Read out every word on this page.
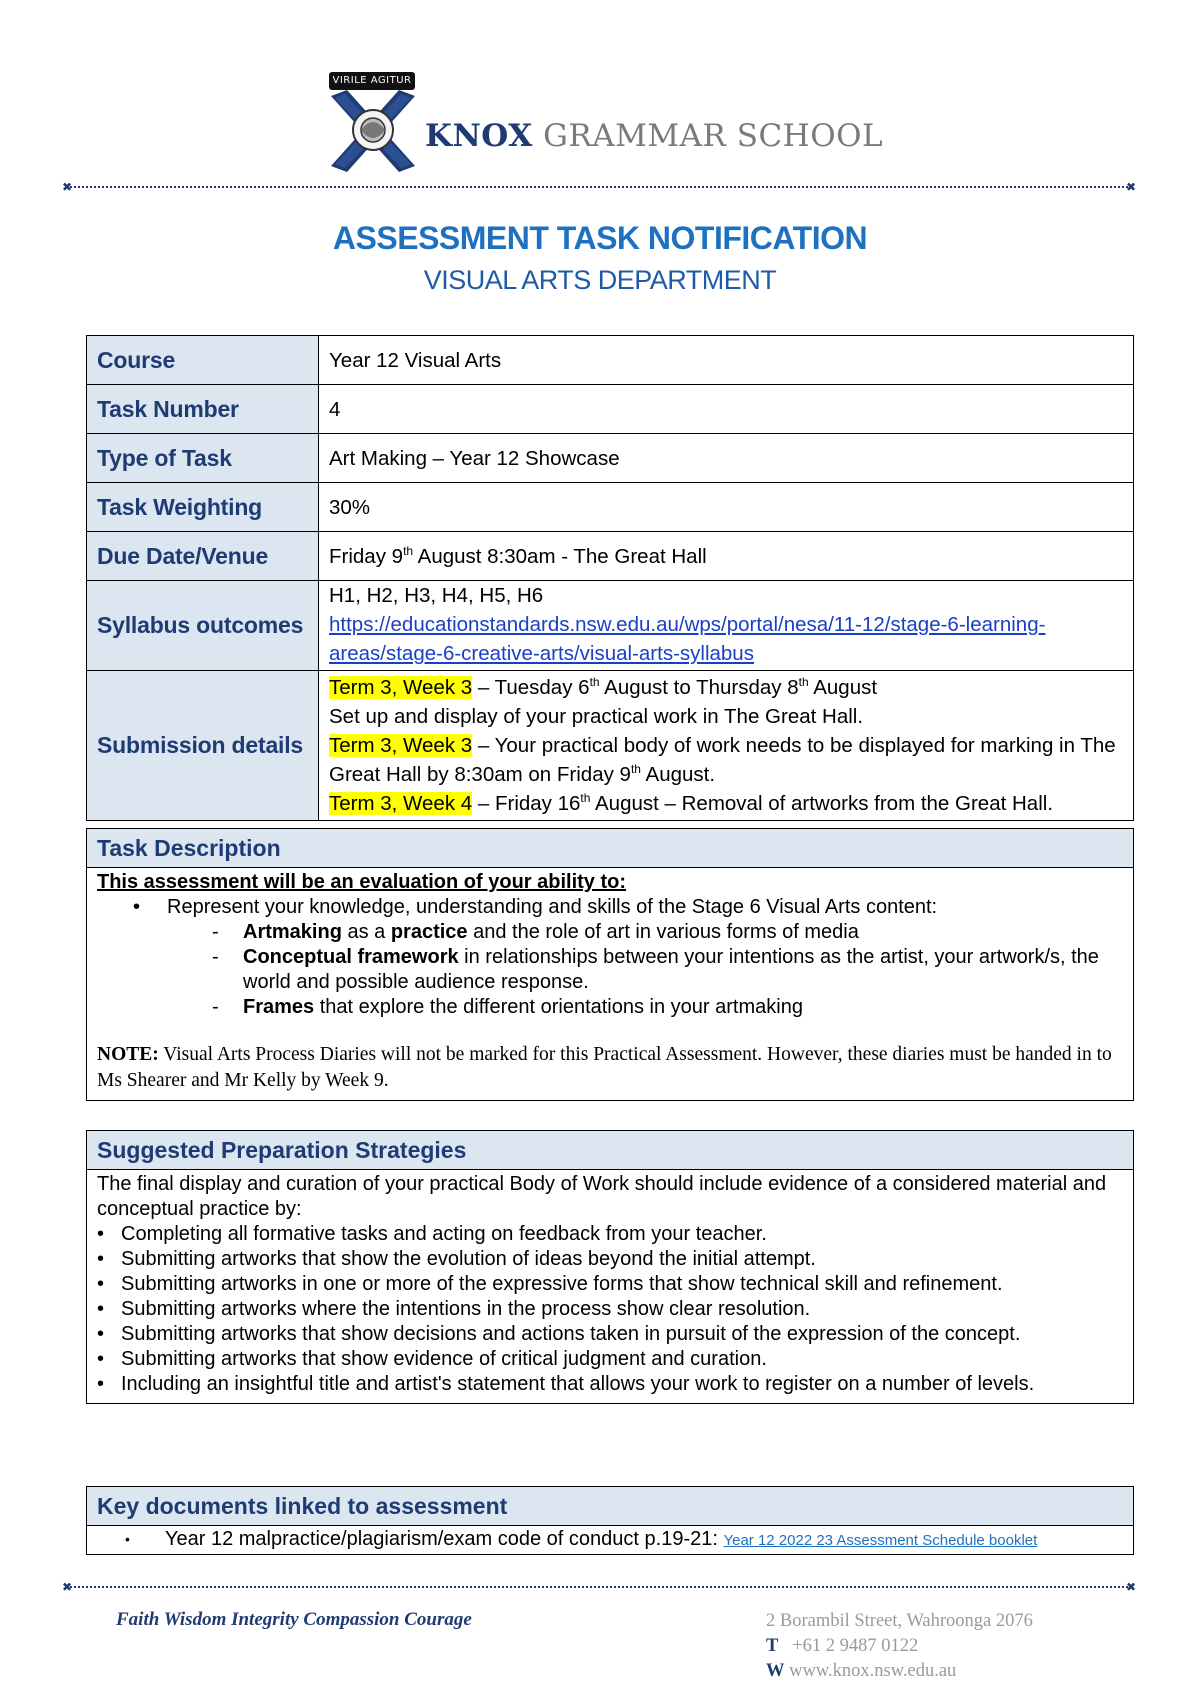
VIRILE AGITUR
KNOX GRAMMAR SCHOOL
✖	✖
ASSESSMENT TASK NOTIFICATION
VISUAL ARTS DEPARTMENT
Course	Year 12 Visual Arts
Task Number	4
Type of Task	Art Making – Year 12 Showcase
Task Weighting	30%
Due Date/Venue	Friday 9th August 8:30am - The Great Hall
Syllabus outcomes	H1, H2, H3, H4, H5, H6
https://educationstandards.nsw.edu.au/wps/portal/nesa/11-12/stage-6-learning-areas/stage-6-creative-arts/visual-arts-syllabus
Submission details	Term 3, Week 3 – Tuesday 6th August to Thursday 8th August
Set up and display of your practical work in The Great Hall.
Term 3, Week 3 – Your practical body of work needs to be displayed for marking in The Great Hall by 8:30am on Friday 9th August.
Term 3, Week 4 – Friday 16th August – Removal of artworks from the Great Hall.
Task Description

This assessment will be an evaluation of your ability to:
• Represent your knowledge, understanding and skills of the Stage 6 Visual Arts content:
- Artmaking as a practice and the role of art in various forms of media
- Conceptual framework in relationships between your intentions as the artist, your artwork/s, the world and possible audience response.
- Frames that explore the different orientations in your artmaking
NOTE: Visual Arts Process Diaries will not be marked for this Practical Assessment. However, these diaries must be handed in to Ms Shearer and Mr Kelly by Week 9.
Suggested Preparation Strategies

The final display and curation of your practical Body of Work should include evidence of a considered material and conceptual practice by:
• Completing all formative tasks and acting on feedback from your teacher.
• Submitting artworks that show the evolution of ideas beyond the initial attempt.
• Submitting artworks in one or more of the expressive forms that show technical skill and refinement.
• Submitting artworks where the intentions in the process show clear resolution.
• Submitting artworks that show decisions and actions taken in pursuit of the expression of the concept.
• Submitting artworks that show evidence of critical judgment and curation.
• Including an insightful title and artist's statement that allows your work to register on a number of levels.
Key documents linked to assessment

• Year 12 malpractice/plagiarism/exam code of conduct p.19-21: Year 12 2022 23 Assessment Schedule booklet
✖	✖
Faith Wisdom Integrity Compassion Courage	2 Borambil Street, Wahroonga 2076
T +61 2 9487 0122
W www.knox.nsw.edu.au
